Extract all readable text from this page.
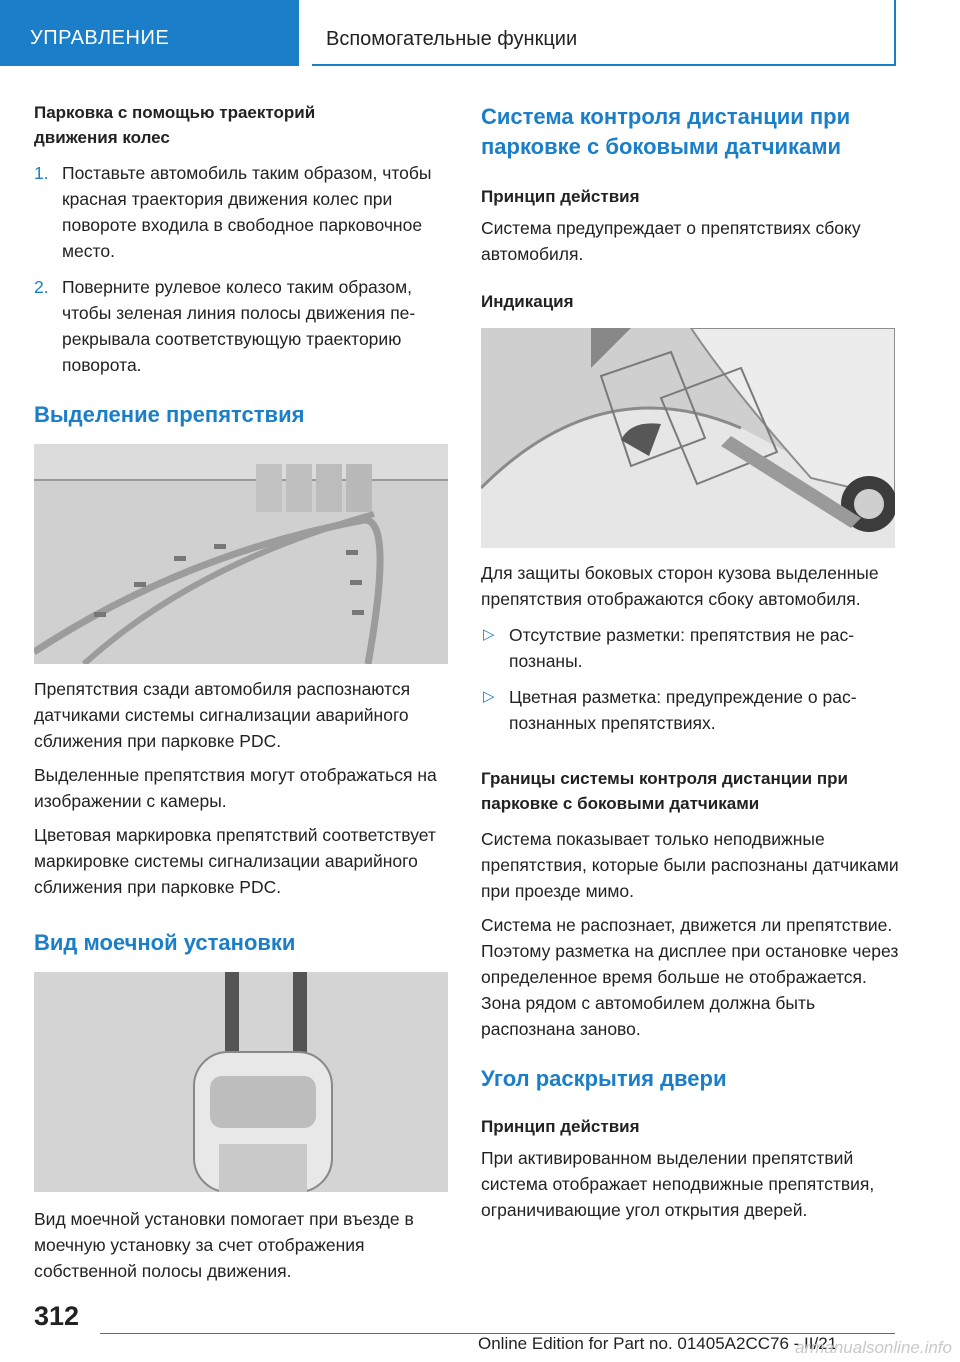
УПРАВЛЕНИЕ	Вспомогательные функции
Парковка с помощью траекторий движения колес
1. Поставьте автомобиль таким образом, чтобы красная траектория движения колес при повороте входила в свободное парковочное место.
2. Поверните рулевое колесо таким образом, чтобы зеленая линия полосы движения перекрывала соответствующую траекторию поворота.
Выделение препятствия
Препятствия сзади автомобиля распознаются датчиками системы сигнализации аварийного сближения при парковке PDC.
Выделенные препятствия могут отображаться на изображении с камеры.
Цветовая маркировка препятствий соответствует маркировке системы сигнализации аварийного сближения при парковке PDC.
Вид моечной установки
Вид моечной установки помогает при въезде в моечную установку за счет отображения собственной полосы движения.
Система контроля дистанции при парковке с боковыми датчиками
Принцип действия
Система предупреждает о препятствиях сбоку автомобиля.
Индикация
Для защиты боковых сторон кузова выделенные препятствия отображаются сбоку автомобиля.
▷ Отсутствие разметки: препятствия не распознаны.
▷ Цветная разметка: предупреждение о распознанных препятствиях.
Границы системы контроля дистанции при парковке с боковыми датчиками
Система показывает только неподвижные препятствия, которые были распознаны датчиками при проезде мимо.
Система не распознает, движется ли препятствие. Поэтому разметка на дисплее при остановке через определенное время больше не отображается. Зона рядом с автомобилем должна быть распознана заново.
Угол раскрытия двери
Принцип действия
При активированном выделении препятствий система отображает неподвижные препятствия, ограничивающие угол открытия дверей.
312
Online Edition for Part no. 01405A2CC76 - II/21
armanualsonline.info
